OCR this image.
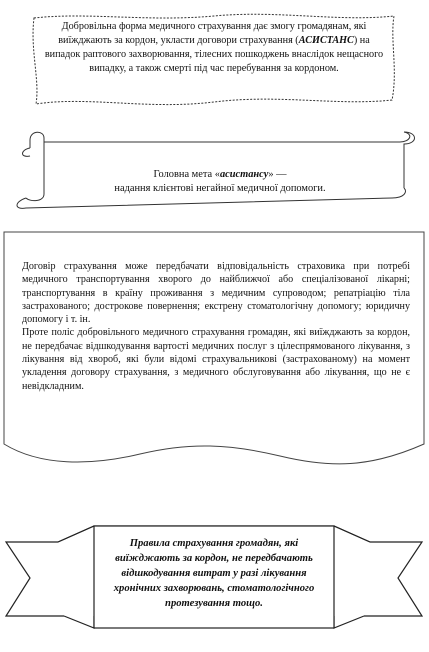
Добровільна форма медичного страхування дає змогу громадянам, які виїжджають за кордон, укласти договори страхування (АСИСТАНС) на випадок раптового захворювання, тілесних пошкоджень внаслідок нещасного випадку, а також смерті під час перебування за кордоном.

Головна мета «асистансу» —
надання клієнтові негайної медичної допомоги.

Договір страхування може передбачати відповідальність страховика при потребі медичного транспортування хворого до найближчої або спеціалізованої лікарні; транспортування в країну проживання з медичним супроводом; репатріацію тіла застрахованого; дострокове повернення; екстрену стоматологічну допомогу; юридичну допомогу і т. ін.

Проте поліс добровільного медичного страхування громадян, які виїжджають за кордон, не передбачає відшкодування вартості медичних послуг з цілеспрямованого лікування, з лікування від хвороб, які були відомі страхувальникові (застрахованому) на момент укладення договору страхування, з медичного обслуговування або лікування, що не є невідкладним.

Правила страхування громадян, які виїжджають за кордон, не передбачають відшкодування витрат у разі лікування хронічних захворювань, стоматологічного протезування тощо.
